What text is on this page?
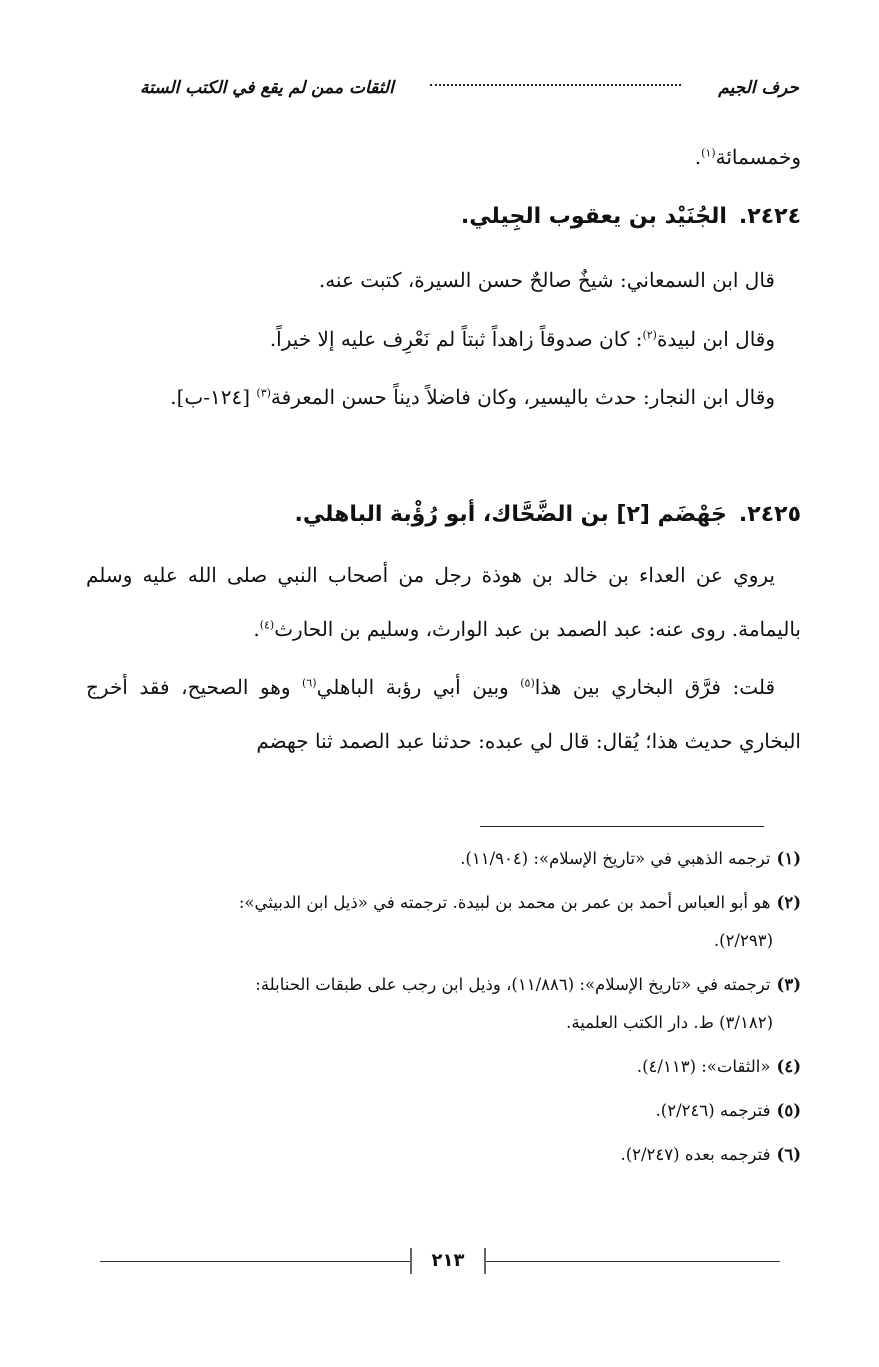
حرف الجيم
الثقات ممن لم يقع في الكتب الستة

وخمسمائة$^{(١)}$.

٢٤٢٤.الجُنَيْد بن يعقوب الجِيلي.

قال ابن السمعاني: شيخٌ صالحٌ حسن السيرة، كتبت عنه.

وقال ابن لبيدة$^{(٢)}$: كان صدوقاً زاهداً ثبتاً لم نَعْرِف عليه إلا خيراً.

وقال ابن النجار: حدث باليسير، وكان فاضلاً ديناً حسن المعرفة$^{(٣)}$ [١٢٤-ب].

٢٤٢٥.جَهْضَم [٢] بن الضَّحَّاك، أبو رُؤْبة الباهلي.

يروي عن العداء بن خالد بن هوذة رجل من أصحاب النبي صلى الله عليه وسلم باليمامة. روى عنه: عبد الصمد بن عبد الوارث، وسليم بن الحارث$^{(٤)}$.

قلت: فرَّق البخاري بين هذا$^{(٥)}$ وبين أبي رؤبة الباهلي$^{(٦)}$ وهو الصحيح، فقد أخرج البخاري حديث هذا؛ يُقال: قال لي عبده: حدثنا عبد الصمد ثنا جهضم

(١)ترجمه الذهبي في «تاريخ الإسلام»: (١١/٩٠٤).

(٢)هو أبو العباس أحمد بن عمر بن محمد بن لبيدة. ترجمته في «ذيل ابن الدبيثي»:
(٢/٢٩٣).

(٣)ترجمته في «تاريخ الإسلام»: (١١/٨٨٦)، وذيل ابن رجب على طبقات الحنابلة:
(٣/١٨٢) ط. دار الكتب العلمية.

(٤)«الثقات»: (٤/١١٣).

(٥)فترجمه (٢/٢٤٦).

(٦)فترجمه بعده (٢/٢٤٧).

٢١٣
